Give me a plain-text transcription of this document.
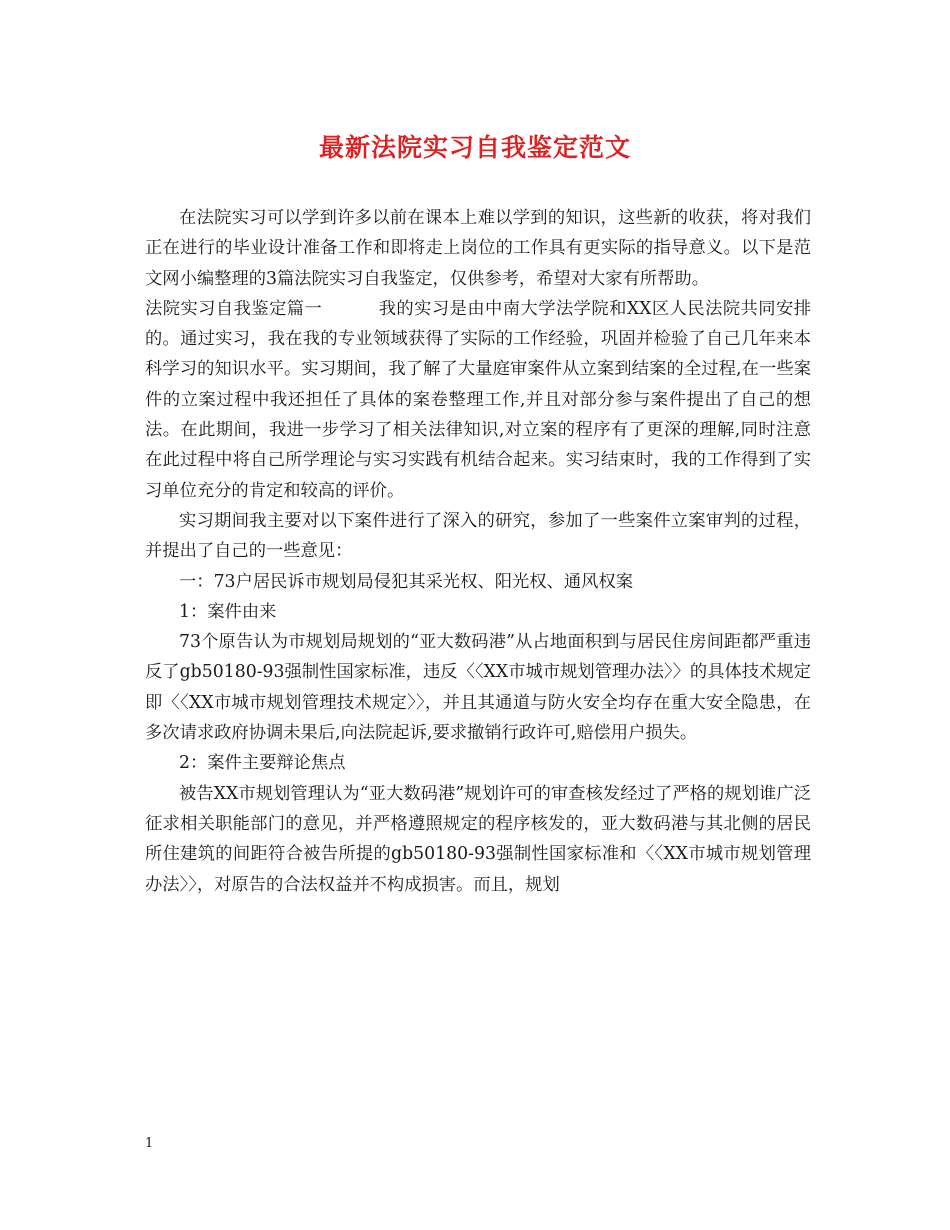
最新法院实习自我鉴定范文

在法院实习可以学到许多以前在课本上难以学到的知识，这些新的收获，将对我们正在进行的毕业设计准备工作和即将走上岗位的工作具有更实际的指导意义。以下是范文网小编整理的3篇法院实习自我鉴定，仅供参考，希望对大家有所帮助。

法院实习自我鉴定篇一	我的实习是由中南大学法学院和XX区人民法院共同安排的。通过实习，我在我的专业领域获得了实际的工作经验，巩固并检验了自己几年来本科学习的知识水平。实习期间，我了解了大量庭审案件从立案到结案的全过程,在一些案件的立案过程中我还担任了具体的案卷整理工作,并且对部分参与案件提出了自己的想法。在此期间，我进一步学习了相关法律知识,对立案的程序有了更深的理解,同时注意在此过程中将自己所学理论与实习实践有机结合起来。实习结束时，我的工作得到了实习单位充分的肯定和较高的评价。

实习期间我主要对以下案件进行了深入的研究，参加了一些案件立案审判的过程，并提出了自己的一些意见：

一：73户居民诉市规划局侵犯其采光权、阳光权、通风权案

1：案件由来

73个原告认为市规划局规划的“亚大数码港”从占地面积到与居民住房间距都严重违反了gb50180-93强制性国家标准，违反〈〈XX市城市规划管理办法〉〉的具体技术规定即〈〈XX市城市规划管理技术规定〉〉，并且其通道与防火安全均存在重大安全隐患，在多次请求政府协调未果后,向法院起诉,要求撤销行政许可,赔偿用户损失。

2：案件主要辩论焦点

被告XX市规划管理认为“亚大数码港”规划许可的审查核发经过了严格的规划谁广泛征求相关职能部门的意见，并严格遵照规定的程序核发的，亚大数码港与其北侧的居民所住建筑的间距符合被告所提的gb50180-93强制性国家标准和〈〈XX市城市规划管理办法〉〉，对原告的合法权益并不构成损害。而且，规划

1
